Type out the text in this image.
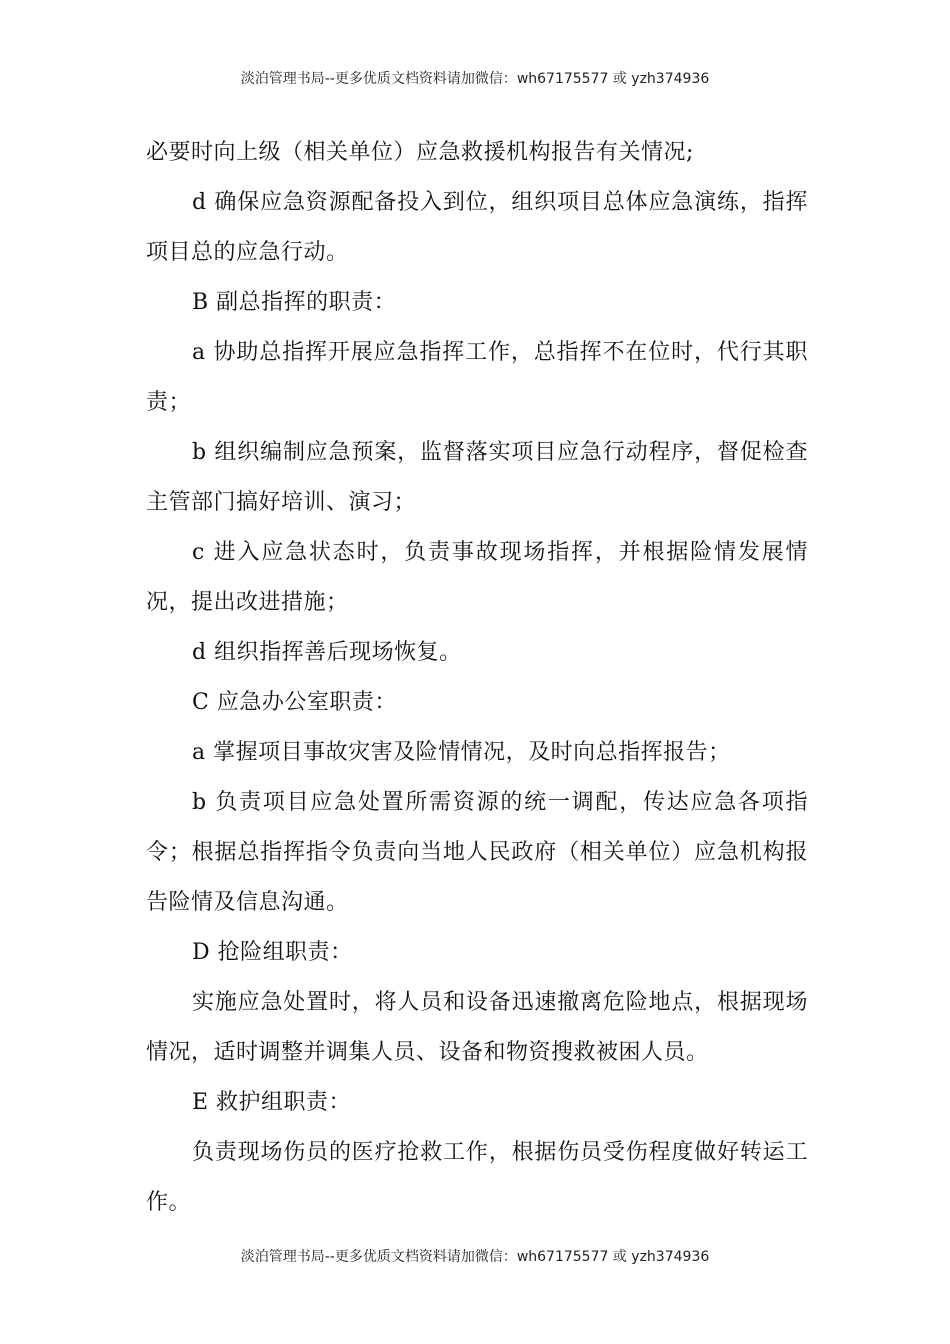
淡泊管理书局--更多优质文档资料请加微信：wh67175577 或 yzh374936

必要时向上级（相关单位）应急救援机构报告有关情况;

d 确保应急资源配备投入到位，组织项目总体应急演练，指挥项目总的应急行动。

B 副总指挥的职责：

a 协助总指挥开展应急指挥工作，总指挥不在位时，代行其职责；

b 组织编制应急预案，监督落实项目应急行动程序，督促检查主管部门搞好培训、演习；

c 进入应急状态时，负责事故现场指挥，并根据险情发展情况，提出改进措施；

d 组织指挥善后现场恢复。

C 应急办公室职责：

a 掌握项目事故灾害及险情情况，及时向总指挥报告；

b 负责项目应急处置所需资源的统一调配，传达应急各项指令；根据总指挥指令负责向当地人民政府（相关单位）应急机构报告险情及信息沟通。

D 抢险组职责：

实施应急处置时，将人员和设备迅速撤离危险地点，根据现场情况，适时调整并调集人员、设备和物资搜救被困人员。

E 救护组职责：

负责现场伤员的医疗抢救工作，根据伤员受伤程度做好转运工作。

淡泊管理书局--更多优质文档资料请加微信：wh67175577 或 yzh374936
